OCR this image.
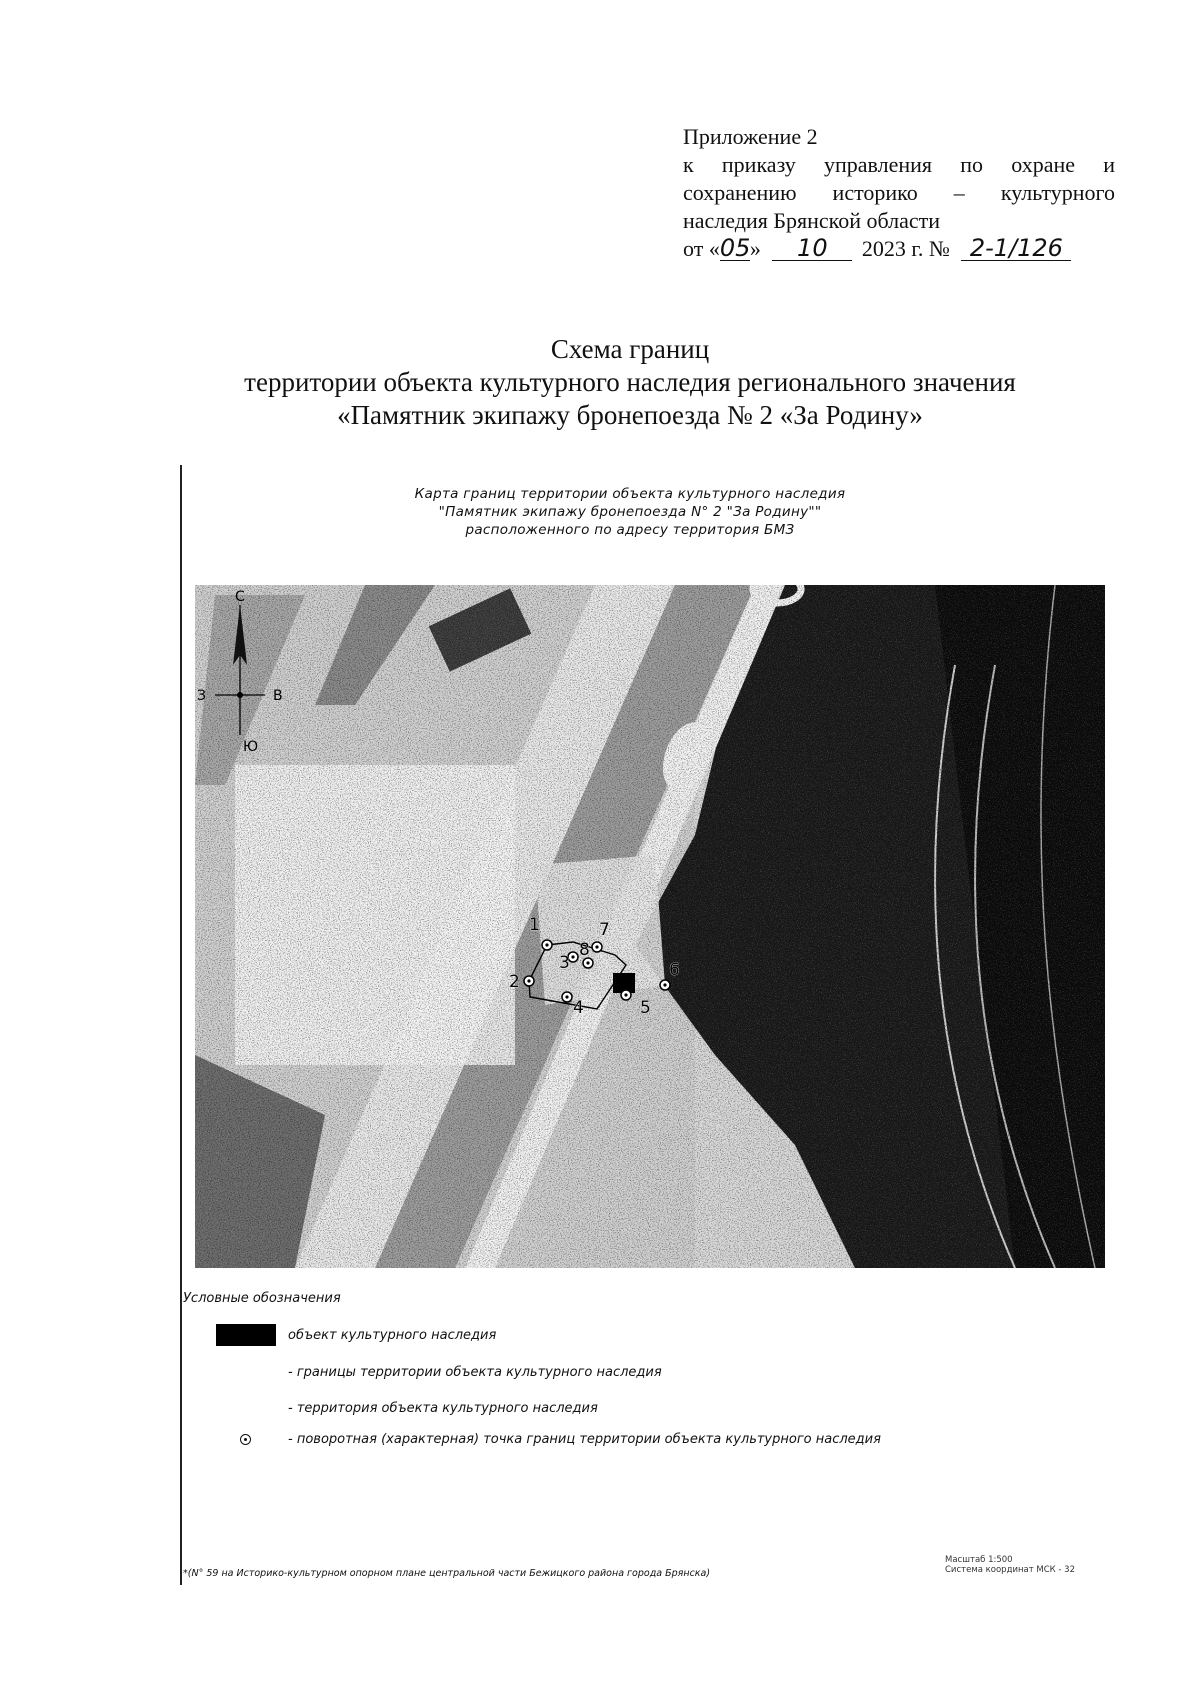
Приложение 2
к приказу управления по охране и
сохранению историко – культурного
наследия Брянской области
от «05» 10 2023 г. № 2-1/126
Схема границ
территории объекта культурного наследия регионального значения
«Памятник экипажу бронепоезда № 2 «За Родину»
Карта границ территории объекта культурного наследия
"Памятник экипажу бронепоезда N° 2 "За Родину""
расположенного по адресу территория БМЗ
С
Ю
З	В
1
2
3
4	5
6
7
8
Условные обозначения
объект культурного наследия
- границы территории объекта культурного наследия
- территория объекта культурного наследия
- поворотная (характерная) точка границ территории объекта культурного наследия
*(N° 59 на Историко-культурном опорном плане центральной части Бежицкого района города Брянска)
Масштаб 1:500
Система координат МСК - 32
